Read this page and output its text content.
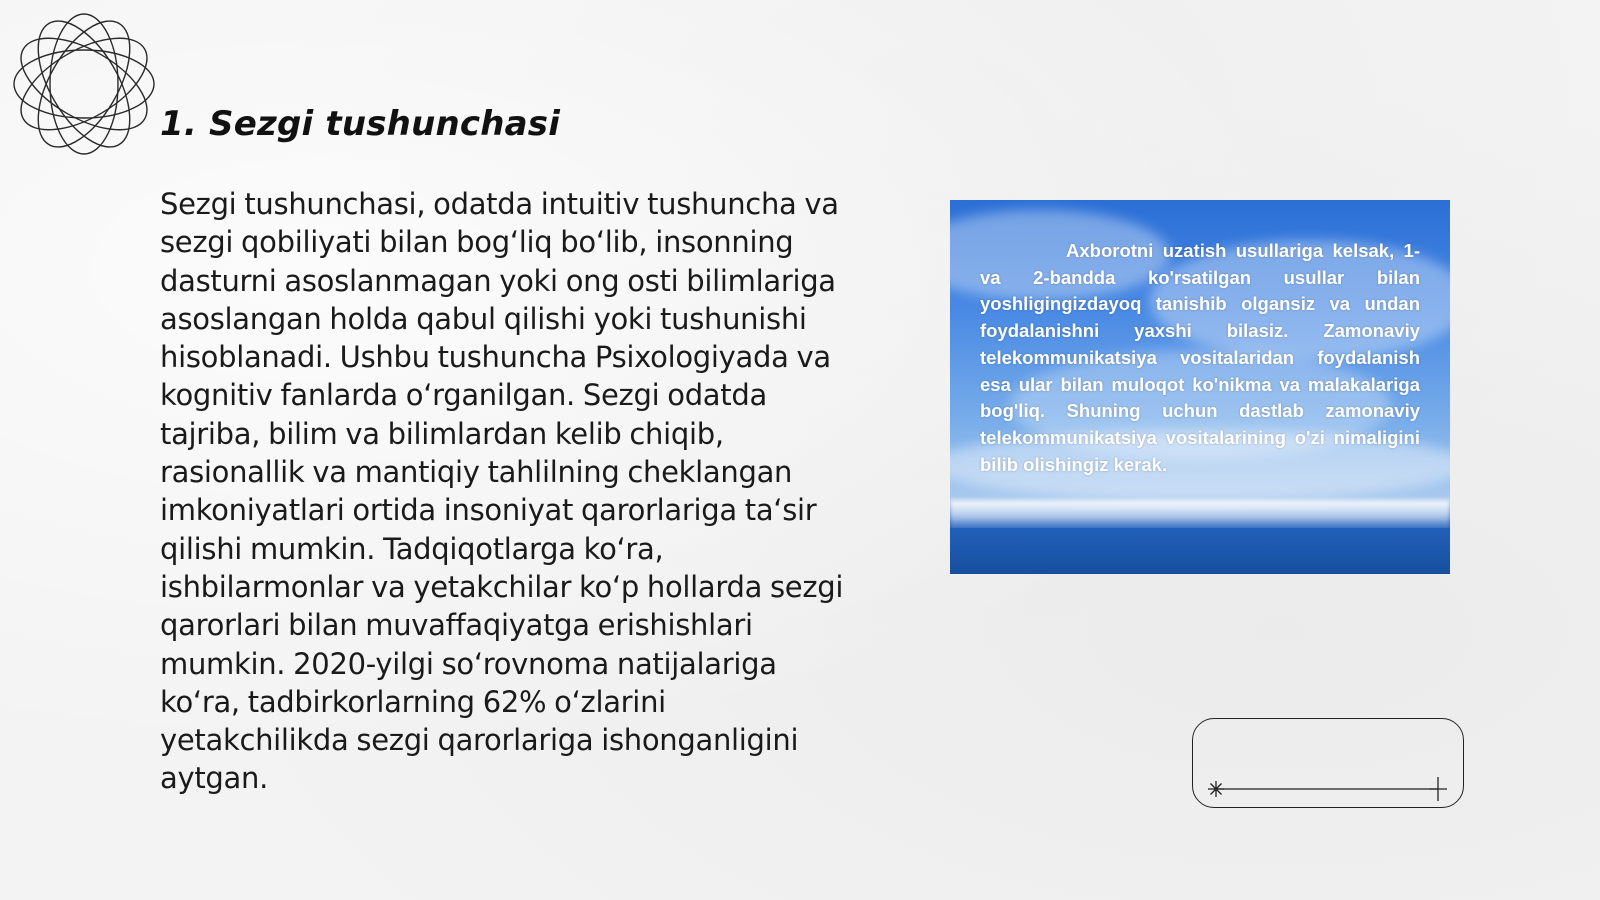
1. Sezgi tushunchasi

Sezgi tushunchasi, odatda intuitiv tushuncha va sezgi qobiliyati bilan bog‘liq bo‘lib, insonning dasturni asoslanmagan yoki ong osti bilimlariga asoslangan holda qabul qilishi yoki tushunishi hisoblanadi. Ushbu tushuncha Psixologiyada va kognitiv fanlarda o‘rganilgan. Sezgi odatda tajriba, bilim va bilimlardan kelib chiqib, rasionallik va mantiqiy tahlilning cheklangan imkoniyatlari ortida insoniyat qarorlariga ta‘sir qilishi mumkin. Tadqiqotlarga ko‘ra, ishbilarmonlar va yetakchilar ko‘p hollarda sezgi qarorlari bilan muvaffaqiyatga erishishlari mumkin. 2020-yilgi so‘rovnoma natijalariga ko‘ra, tadbirkorlarning 62% o‘zlarini yetakchilikda sezgi qarorlariga ishonganligini aytgan.

Axborotni uzatish usullariga kelsak, 1-va 2-bandda ko'rsatilgan usullar bilan yoshligingizdayoq tanishib olgansiz va undan foydalanishni yaxshi bilasiz. Zamonaviy telekommunikatsiya vositalaridan foydalanish esa ular bilan muloqot ko'nikma va malakalariga bog'liq. Shuning uchun dastlab zamonaviy telekommunikatsiya vositalarining o'zi nimaligini bilib olishingiz kerak.
